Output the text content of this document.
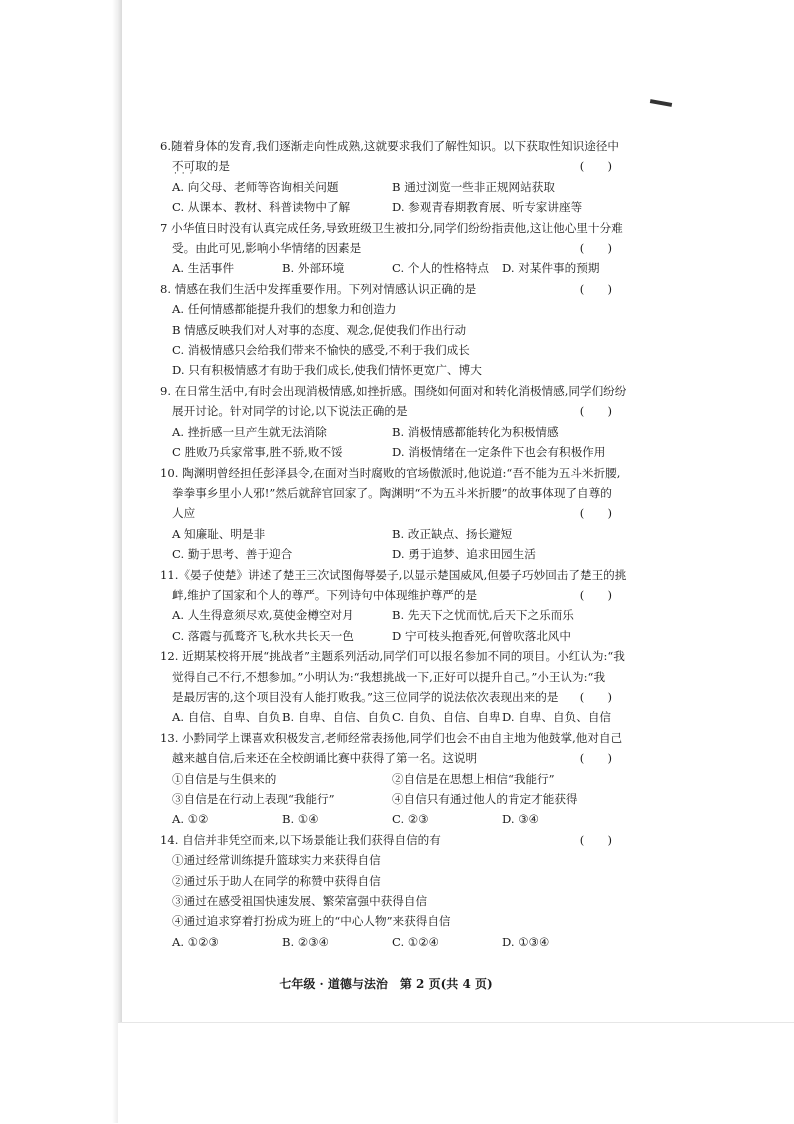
6.随着身体的发育,我们逐渐走向性成熟,这就要求我们了解性知识。以下获取性知识途径中
不可取的是 · · ·	(　　)
A. 向父母、老师等咨询相关问题	B 通过浏览一些非正规网站获取
C. 从课本、教材、科普读物中了解	D. 参观青春期教育展、听专家讲座等
7 小华值日时没有认真完成任务,导致班级卫生被扣分,同学们纷纷指责他,这让他心里十分难
受。由此可见,影响小华情绪的因素是	(　　)
A. 生活事件	B. 外部环境	C. 个人的性格特点	D. 对某件事的预期
8. 情感在我们生活中发挥重要作用。下列对情感认识正确的是	(　　)
A. 任何情感都能提升我们的想象力和创造力
B 情感反映我们对人对事的态度、观念,促使我们作出行动
C. 消极情感只会给我们带来不愉快的感受,不利于我们成长
D. 只有积极情感才有助于我们成长,使我们情怀更宽广、博大
9. 在日常生活中,有时会出现消极情感,如挫折感。围绕如何面对和转化消极情感,同学们纷纷
展开讨论。针对同学的讨论,以下说法正确的是	(　　)
A. 挫折感一旦产生就无法消除	B. 消极情感都能转化为积极情感
C 胜败乃兵家常事,胜不骄,败不馁	D. 消极情绪在一定条件下也会有积极作用
10. 陶渊明曾经担任彭泽县令,在面对当时腐败的官场傲派时,他说道:“吾不能为五斗米折腰,
拳拳事乡里小人邪!”然后就辞官回家了。陶渊明“不为五斗米折腰”的故事体现了自尊的
人应	(　　)
A 知廉耻、明是非	B. 改正缺点、扬长避短
C. 勤于思考、善于迎合	D. 勇于追梦、追求田园生活
11.《晏子使楚》讲述了楚王三次试图侮辱晏子,以显示楚国威风,但晏子巧妙回击了楚王的挑
衅,维护了国家和个人的尊严。下列诗句中体现维护尊严的是	(　　)
A. 人生得意须尽欢,莫使金樽空对月	B. 先天下之忧而忧,后天下之乐而乐
C. 落霞与孤鹜齐飞,秋水共长天一色	D 宁可枝头抱香死,何曾吹落北风中
12. 近期某校将开展“挑战者”主题系列活动,同学们可以报名参加不同的项目。小红认为:“我
觉得自己不行,不想参加。”小明认为:“我想挑战一下,正好可以提升自己。”小王认为:“我
是最厉害的,这个项目没有人能打败我。”这三位同学的说法依次表现出来的是 (　　)
A. 自信、自卑、自负 B. 自卑、自信、自负 C. 自负、自信、自卑 D. 自卑、自负、自信
13. 小黔同学上课喜欢积极发言,老师经常表扬他,同学们也会不由自主地为他鼓掌,他对自己
越来越自信,后来还在全校朗诵比赛中获得了第一名。这说明	(　　)
①自信是与生俱来的	②自信是在思想上相信“我能行”
③自信是在行动上表现“我能行”	④自信只有通过他人的肯定才能获得
A. ①②	B. ①④	C. ②③	D. ③④
14. 自信并非凭空而来,以下场景能让我们获得自信的有	(　　)
①通过经常训练提升篮球实力来获得自信
②通过乐于助人在同学的称赞中获得自信
③通过在感受祖国快速发展、繁荣富强中获得自信
④通过追求穿着打扮成为班上的“中心人物”来获得自信
A. ①②③	B. ②③④	C. ①②④	D. ①③④
七年级 · 道德与法治　第 2 页(共 4 页)
